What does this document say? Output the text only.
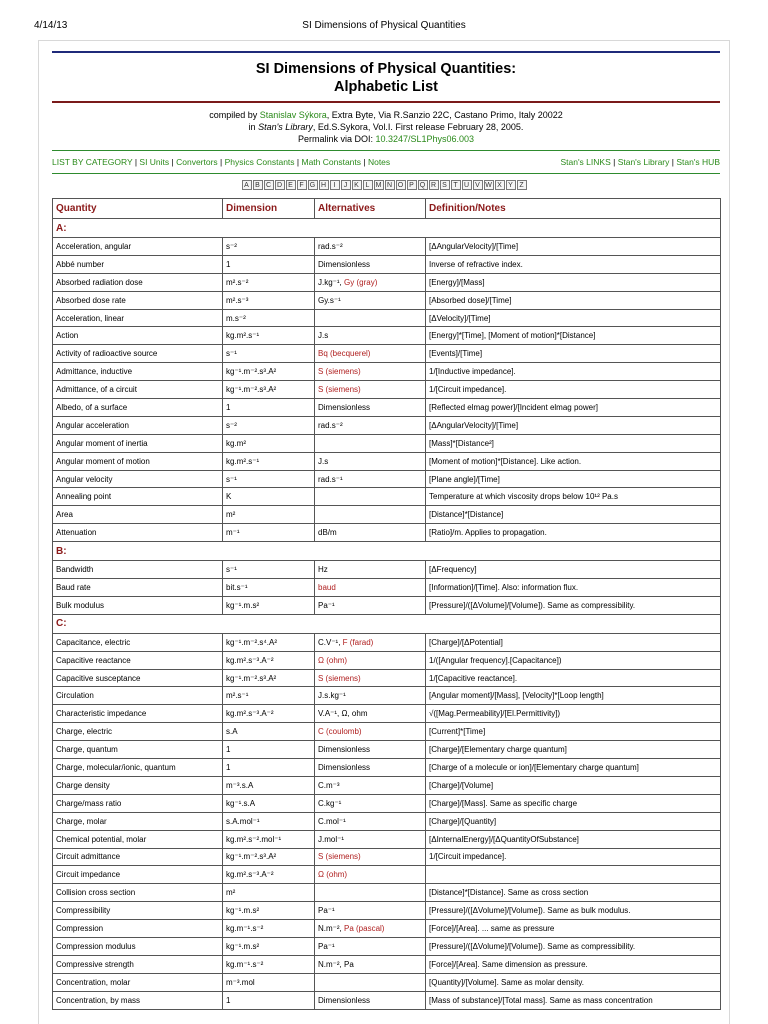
4/14/13	SI Dimensions of Physical Quantities
SI Dimensions of Physical Quantities:
Alphabetic List
compiled by Stanislav Sýkora, Extra Byte, Via R.Sanzio 22C, Castano Primo, Italy 20022
in Stan's Library, Ed.S.Sykora, Vol.I. First release February 28, 2005.
Permalink via DOI: 10.3247/SL1Phys06.003
LIST BY CATEGORY | SI Units | Convertors | Physics Constants | Math Constants | Notes	Stan's LINKS | Stan's Library | Stan's HUB
A B C D E F G H I J K L M N O P Q R S T U V W X Y Z
Quantity	Dimension	Alternatives	Definition/Notes
A:			
Acceleration, angular	s⁻²	rad.s⁻²	[ΔAngularVelocity]/[Time]
Abbé number	1	Dimensionless	Inverse of refractive index.
Absorbed radiation dose	m².s⁻²	J.kg⁻¹, Gy (gray)	[Energy]/[Mass]
Absorbed dose rate	m².s⁻³	Gy.s⁻¹	[Absorbed dose]/[Time]
Acceleration, linear	m.s⁻²		[ΔVelocity]/[Time]
Action	kg.m².s⁻¹	J.s	[Energy]*[Time], [Moment of motion]*[Distance]
Activity of radioactive source	s⁻¹	Bq (becquerel)	[Events]/[Time]
Admittance, inductive	kg⁻¹.m⁻².s³.A²	S (siemens)	1/[Inductive impedance].
Admittance, of a circuit	kg⁻¹.m⁻².s³.A²	S (siemens)	1/[Circuit impedance].
Albedo, of a surface	1	Dimensionless	[Reflected elmag power]/[Incident elmag power]
Angular acceleration	s⁻²	rad.s⁻²	[ΔAngularVelocity]/[Time]
Angular moment of inertia	kg.m²		[Mass]*[Distance²]
Angular moment of motion	kg.m².s⁻¹	J.s	[Moment of motion]*[Distance]. Like action.
Angular velocity	s⁻¹	rad.s⁻¹	[Plane angle]/[Time]
Annealing point	K		Temperature at which viscosity drops below 10¹² Pa.s
Area	m²		[Distance]*[Distance]
Attenuation	m⁻¹	dB/m	[Ratio]/m. Applies to propagation.
B:			
Bandwidth	s⁻¹	Hz	[ΔFrequency]
Baud rate	bit.s⁻¹	baud	[Information]/[Time]. Also: information flux.
Bulk modulus	kg⁻¹.m.s²	Pa⁻¹	[Pressure]/([ΔVolume]/[Volume]). Same as compressibility.
C:			
Capacitance, electric	kg⁻¹.m⁻².s⁴.A²	C.V⁻¹, F (farad)	[Charge]/[ΔPotential]
Capacitive reactance	kg.m².s⁻³.A⁻²	Ω (ohm)	1/([Angular frequency].[Capacitance])
Capacitive susceptance	kg⁻¹.m⁻².s³.A²	S (siemens)	1/[Capacitive reactance].
Circulation	m².s⁻¹	J.s.kg⁻¹	[Angular moment]/[Mass], [Velocity]*[Loop length]
Characteristic impedance	kg.m².s⁻³.A⁻²	V.A⁻¹, Ω, ohm	√([Mag.Permeability]/[El.Permittivity])
Charge, electric	s.A	C (coulomb)	[Current]*[Time]
Charge, quantum	1	Dimensionless	[Charge]/[Elementary charge quantum]
Charge, molecular/ionic, quantum	1	Dimensionless	[Charge of a molecule or ion]/[Elementary charge quantum]
Charge density	m⁻³.s.A	C.m⁻³	[Charge]/[Volume]
Charge/mass ratio	kg⁻¹.s.A	C.kg⁻¹	[Charge]/[Mass]. Same as specific charge
Charge, molar	s.A.mol⁻¹	C.mol⁻¹	[Charge]/[Quantity]
Chemical potential, molar	kg.m².s⁻².mol⁻¹	J.mol⁻¹	[ΔInternalEnergy]/[ΔQuantityOfSubstance]
Circuit admittance	kg⁻¹.m⁻².s³.A²	S (siemens)	1/[Circuit impedance].
Circuit impedance	kg.m².s⁻³.A⁻²	Ω (ohm)	
Collision cross section	m²		[Distance]*[Distance]. Same as cross section
Compressibility	kg⁻¹.m.s²	Pa⁻¹	[Pressure]/([ΔVolume]/[Volume]). Same as bulk modulus.
Compression	kg.m⁻¹.s⁻²	N.m⁻², Pa (pascal)	[Force]/[Area]. ... same as pressure
Compression modulus	kg⁻¹.m.s²	Pa⁻¹	[Pressure]/([ΔVolume]/[Volume]). Same as compressibility.
Compressive strength	kg.m⁻¹.s⁻²	N.m⁻², Pa	[Force]/[Area]. Same dimension as pressure.
Concentration, molar	m⁻³.mol		[Quantity]/[Volume]. Same as molar density.
Concentration, by mass	1	Dimensionless	[Mass of substance]/[Total mass]. Same as mass concentration
